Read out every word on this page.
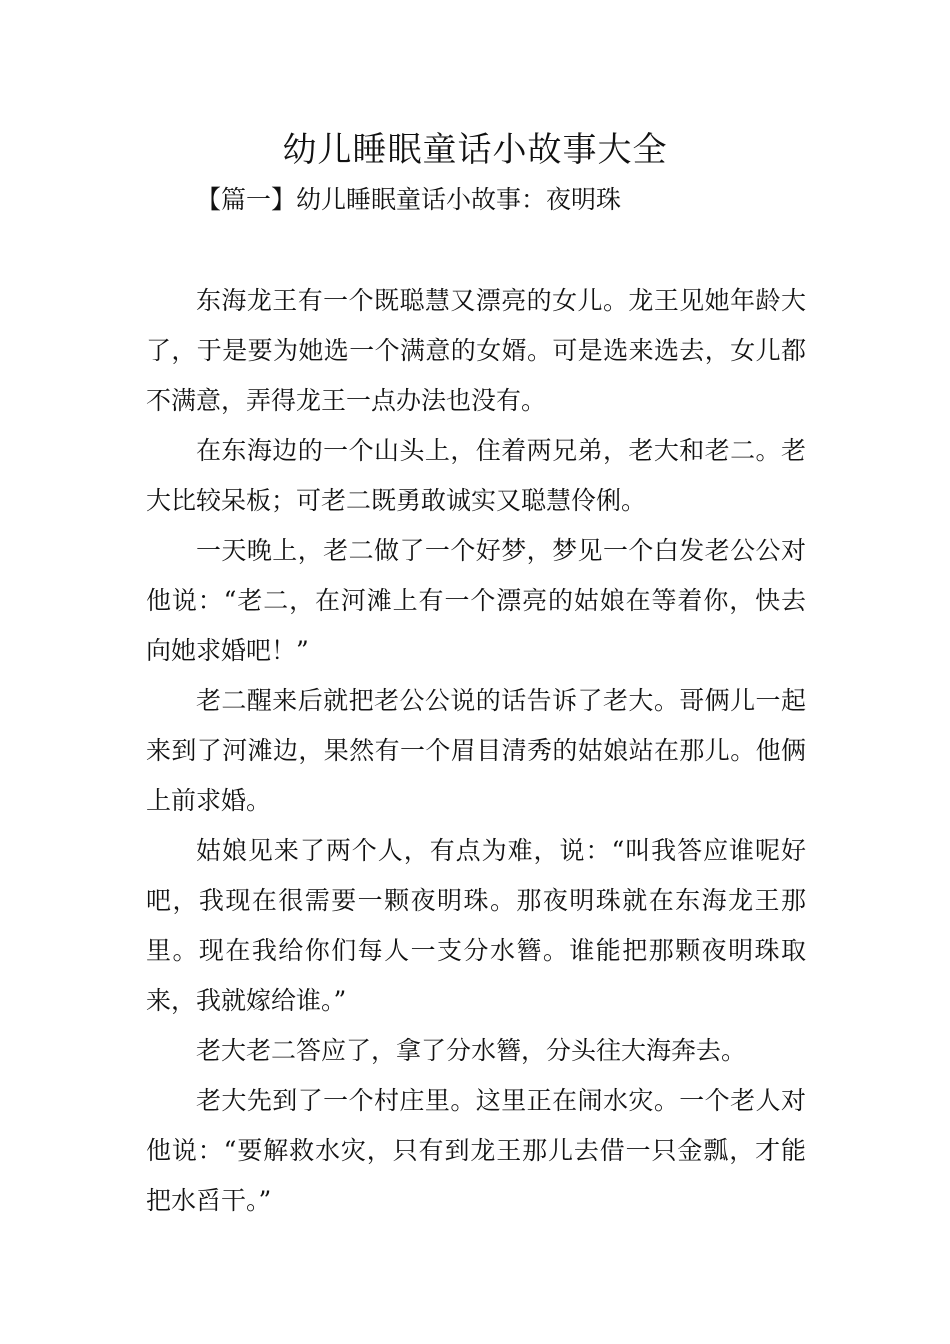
幼儿睡眠童话小故事大全

【篇一】幼儿睡眠童话小故事：夜明珠

东海龙王有一个既聪慧又漂亮的女儿。龙王见她年龄大了，于是要为她选一个满意的女婿。可是选来选去，女儿都不满意，弄得龙王一点办法也没有。

在东海边的一个山头上，住着两兄弟，老大和老二。老大比较呆板；可老二既勇敢诚实又聪慧伶俐。

一天晚上，老二做了一个好梦，梦见一个白发老公公对他说：“老二，在河滩上有一个漂亮的姑娘在等着你，快去向她求婚吧！”

老二醒来后就把老公公说的话告诉了老大。哥俩儿一起来到了河滩边，果然有一个眉目清秀的姑娘站在那儿。他俩上前求婚。

姑娘见来了两个人，有点为难，说：“叫我答应谁呢好吧，我现在很需要一颗夜明珠。那夜明珠就在东海龙王那里。现在我给你们每人一支分水簪。谁能把那颗夜明珠取来，我就嫁给谁。”

老大老二答应了，拿了分水簪，分头往大海奔去。

老大先到了一个村庄里。这里正在闹水灾。一个老人对他说：“要解救水灾，只有到龙王那儿去借一只金瓢，才能把水舀干。”
